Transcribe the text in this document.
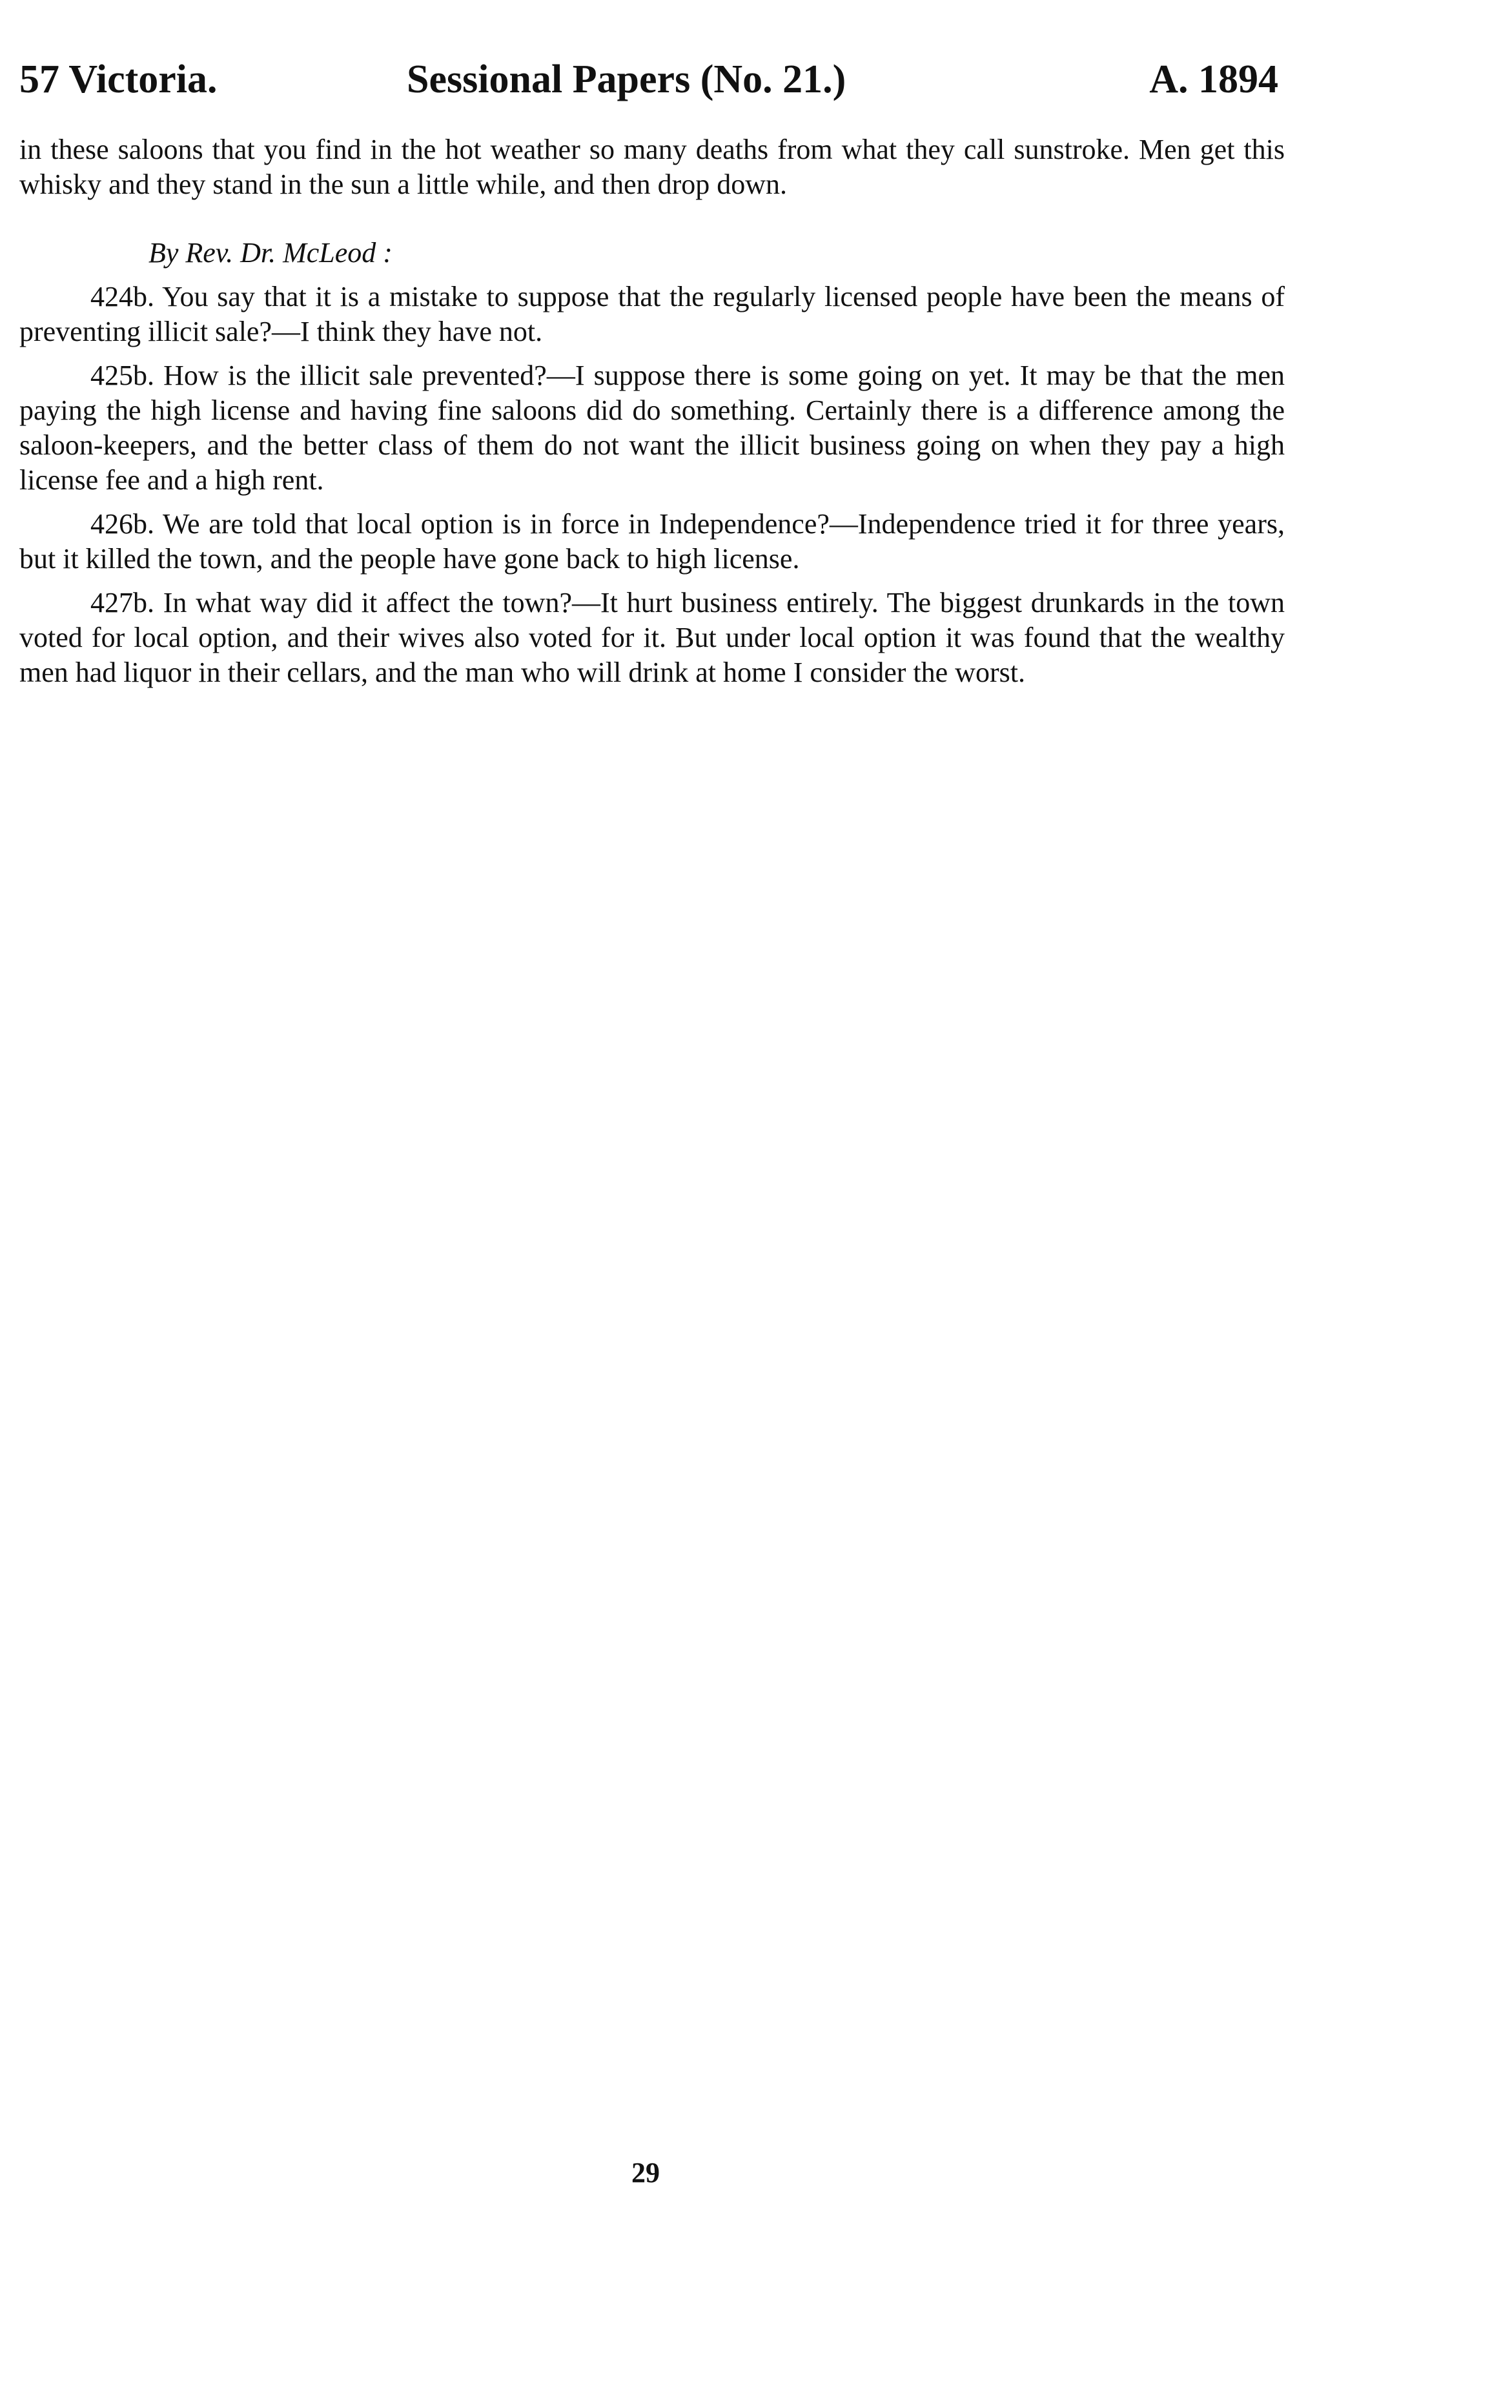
57 Victoria.	Sessional Papers (No. 21.)	A. 1894

in these saloons that you find in the hot weather so many deaths from what they call sunstroke. Men get this whisky and they stand in the sun a little while, and then drop down.

By Rev. Dr. McLeod :

424b. You say that it is a mistake to suppose that the regularly licensed people have been the means of preventing illicit sale?—I think they have not.

425b. How is the illicit sale prevented?—I suppose there is some going on yet. It may be that the men paying the high license and having fine saloons did do something. Certainly there is a difference among the saloon-keepers, and the better class of them do not want the illicit business going on when they pay a high license fee and a high rent.

426b. We are told that local option is in force in Independence?—Independence tried it for three years, but it killed the town, and the people have gone back to high license.

427b. In what way did it affect the town?—It hurt business entirely. The biggest drunkards in the town voted for local option, and their wives also voted for it. But under local option it was found that the wealthy men had liquor in their cellars, and the man who will drink at home I consider the worst.

29
